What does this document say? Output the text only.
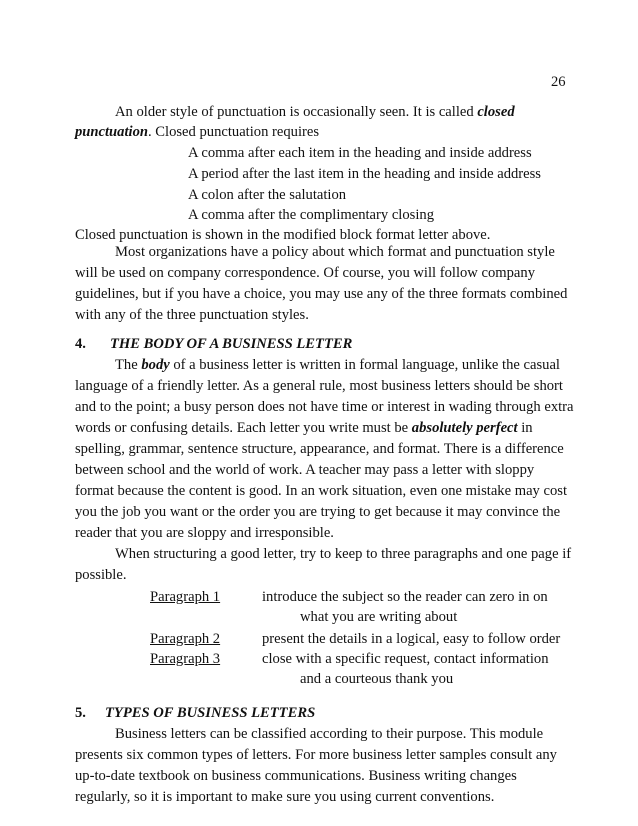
26
An older style of punctuation is occasionally seen. It is called closed
punctuation. Closed punctuation requires
A comma after each item in the heading and inside address
A period after the last item in the heading and inside address
A colon after the salutation
A comma after the complimentary closing
Closed punctuation is shown in the modified block format letter above.
Most organizations have a policy about which format and punctuation style
will be used on company correspondence. Of course, you will follow company
guidelines, but if you have a choice, you may use any of the three formats combined
with any of the three punctuation styles.
4. THE BODY OF A BUSINESS LETTER
The body of a business letter is written in formal language, unlike the casual
language of a friendly letter. As a general rule, most business letters should be short
and to the point; a busy person does not have time or interest in wading through extra
words or confusing details. Each letter you write must be absolutely perfect in
spelling, grammar, sentence structure, appearance, and format. There is a difference
between school and the world of work. A teacher may pass a letter with sloppy
format because the content is good. In an work situation, even one mistake may cost
you the job you want or the order you are trying to get because it may convince the
reader that you are sloppy and irresponsible.
When structuring a good letter, try to keep to three paragraphs and one page if
possible.
Paragraph 1	introduce the subject so the reader can zero in on
what you are writing about
Paragraph 2	present the details in a logical, easy to follow order
Paragraph 3	close with a specific request, contact information
and a courteous thank you
5. TYPES OF BUSINESS LETTERS
Business letters can be classified according to their purpose. This module
presents six common types of letters. For more business letter samples consult any
up-to-date textbook on business communications. Business writing changes
regularly, so it is important to make sure you using current conventions.
